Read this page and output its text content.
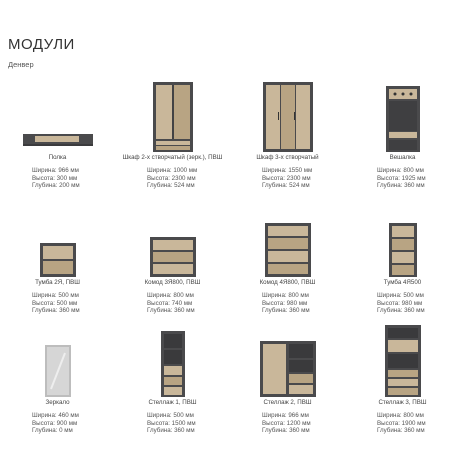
МОДУЛИ
Денвер
Полка
Ширина: 966 мм
Высота: 300 мм
Глубина: 200 мм
Шкаф 2-х створчатый (зерк.), ПВШ
Ширина: 1000 мм
Высота: 2300 мм
Глубина: 524 мм
Шкаф 3-х створчатый
Ширина: 1550 мм
Высота: 2300 мм
Глубина: 524 мм
Вешалка
Ширина: 800 мм
Высота: 1925 мм
Глубина: 360 мм
Тумба 2Я, ПВШ
Ширина: 500 мм
Высота: 500 мм
Глубина: 360 мм
Комод 3Я800, ПВШ
Ширина: 800 мм
Высота: 740 мм
Глубина: 360 мм
Комод 4Я800, ПВШ
Ширина: 800 мм
Высота: 980 мм
Глубина: 360 мм
Тумба 4Я500
Ширина: 500 мм
Высота: 980 мм
Глубина: 360 мм
Зеркало
Ширина: 460 мм
Высота: 900 мм
Глубина: 0 мм
Стеллаж 1, ПВШ
Ширина: 500 мм
Высота: 1500 мм
Глубина: 360 мм
Стеллаж 2, ПВШ
Ширина: 966 мм
Высота: 1200 мм
Глубина: 360 мм
Стеллаж 3, ПВШ
Ширина: 800 мм
Высота: 1900 мм
Глубина: 360 мм
